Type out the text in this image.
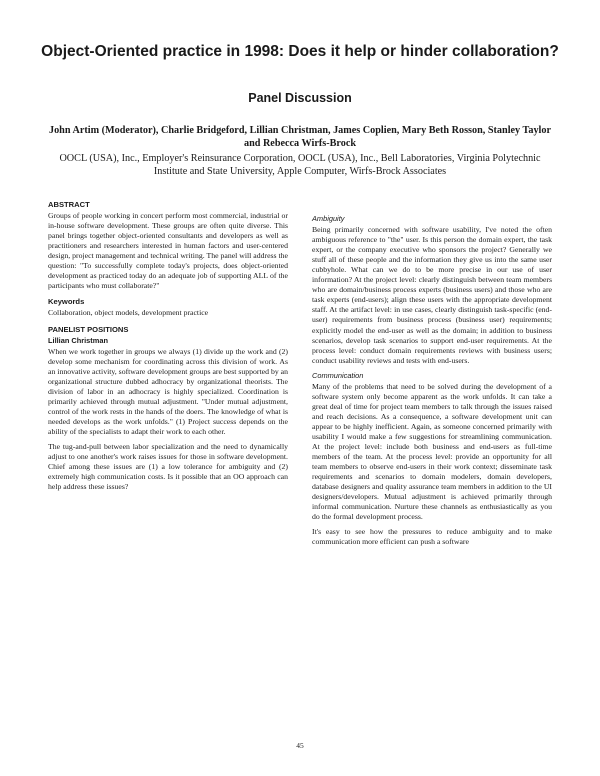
Object-Oriented practice in 1998: Does it help or hinder collaboration?
Panel Discussion
John Artim (Moderator), Charlie Bridgeford, Lillian Christman, James Coplien, Mary Beth Rosson, Stanley Taylor and Rebecca Wirfs-Brock
OOCL (USA), Inc., Employer's Reinsurance Corporation, OOCL (USA), Inc., Bell Laboratories, Virginia Polytechnic Institute and State University, Apple Computer, Wirfs-Brock Associates
ABSTRACT

Groups of people working in concert perform most commercial, industrial or in-house software development. These groups are often quite diverse. This panel brings together object-oriented consultants and developers as well as practitioners and researchers interested in human factors and user-centered design, project management and technical writing. The panel will address the question: "To successfully complete today's projects, does object-oriented development as practiced today do an adequate job of supporting ALL of the participants who must collaborate?"

Keywords

Collaboration, object models, development practice

PANELIST POSITIONS
Lillian Christman

When we work together in groups we always (1) divide up the work and (2) develop some mechanism for coordinating across this division of work. As an innovative activity, software development groups are best supported by an organizational structure dubbed adhocracy by organizational theorists. The division of labor in an adhocracy is highly specialized. Coordination is primarily achieved through mutual adjustment. "Under mutual adjustment, control of the work rests in the hands of the doers. The knowledge of what is needed develops as the work unfolds." (1) Project success depends on the ability of the specialists to adapt their work to each other.

The tug-and-pull between labor specialization and the need to dynamically adjust to one another's work raises issues for those in software development. Chief among these issues are (1) a low tolerance for ambiguity and (2) extremely high communication costs. Is it possible that an OO approach can help address these issues?

Ambiguity

Being primarily concerned with software usability, I've noted the often ambiguous reference to "the" user. Is this person the domain expert, the task expert, or the company executive who sponsors the project? Generally we stuff all of these people and the information they give us into the same user cubbyhole. What can we do to be more precise in our use of user information? At the project level: clearly distinguish between team members who are domain/business process experts (business users) and those who are task experts (end-users); align these users with the appropriate development staff. At the artifact level: in use cases, clearly distinguish task-specific (end-user) requirements from business process (business user) requirements; explicitly model the end-user as well as the domain; in addition to business scenarios, develop task scenarios to support end-user requirements. At the process level: conduct domain requirements reviews with business users; conduct usability reviews and tests with end-users.

Communication

Many of the problems that need to be solved during the development of a software system only become apparent as the work unfolds. It can take a great deal of time for project team members to talk through the issues raised and reach decisions. As a consequence, a software development unit can appear to be highly inefficient. Again, as someone concerned primarily with usability I would make a few suggestions for streamlining communication. At the project level: include both business and end-users as full-time members of the team. At the process level: provide an opportunity for all team members to observe end-users in their work context; disseminate task requirements and scenarios to domain modelers, domain developers, database designers and quality assurance team members in addition to the UI designers/developers. Mutual adjustment is achieved primarily through informal communication. Nurture these channels as enthusiastically as you do the formal development process.

It's easy to see how the pressures to reduce ambiguity and to make communication more efficient can push a software

45
